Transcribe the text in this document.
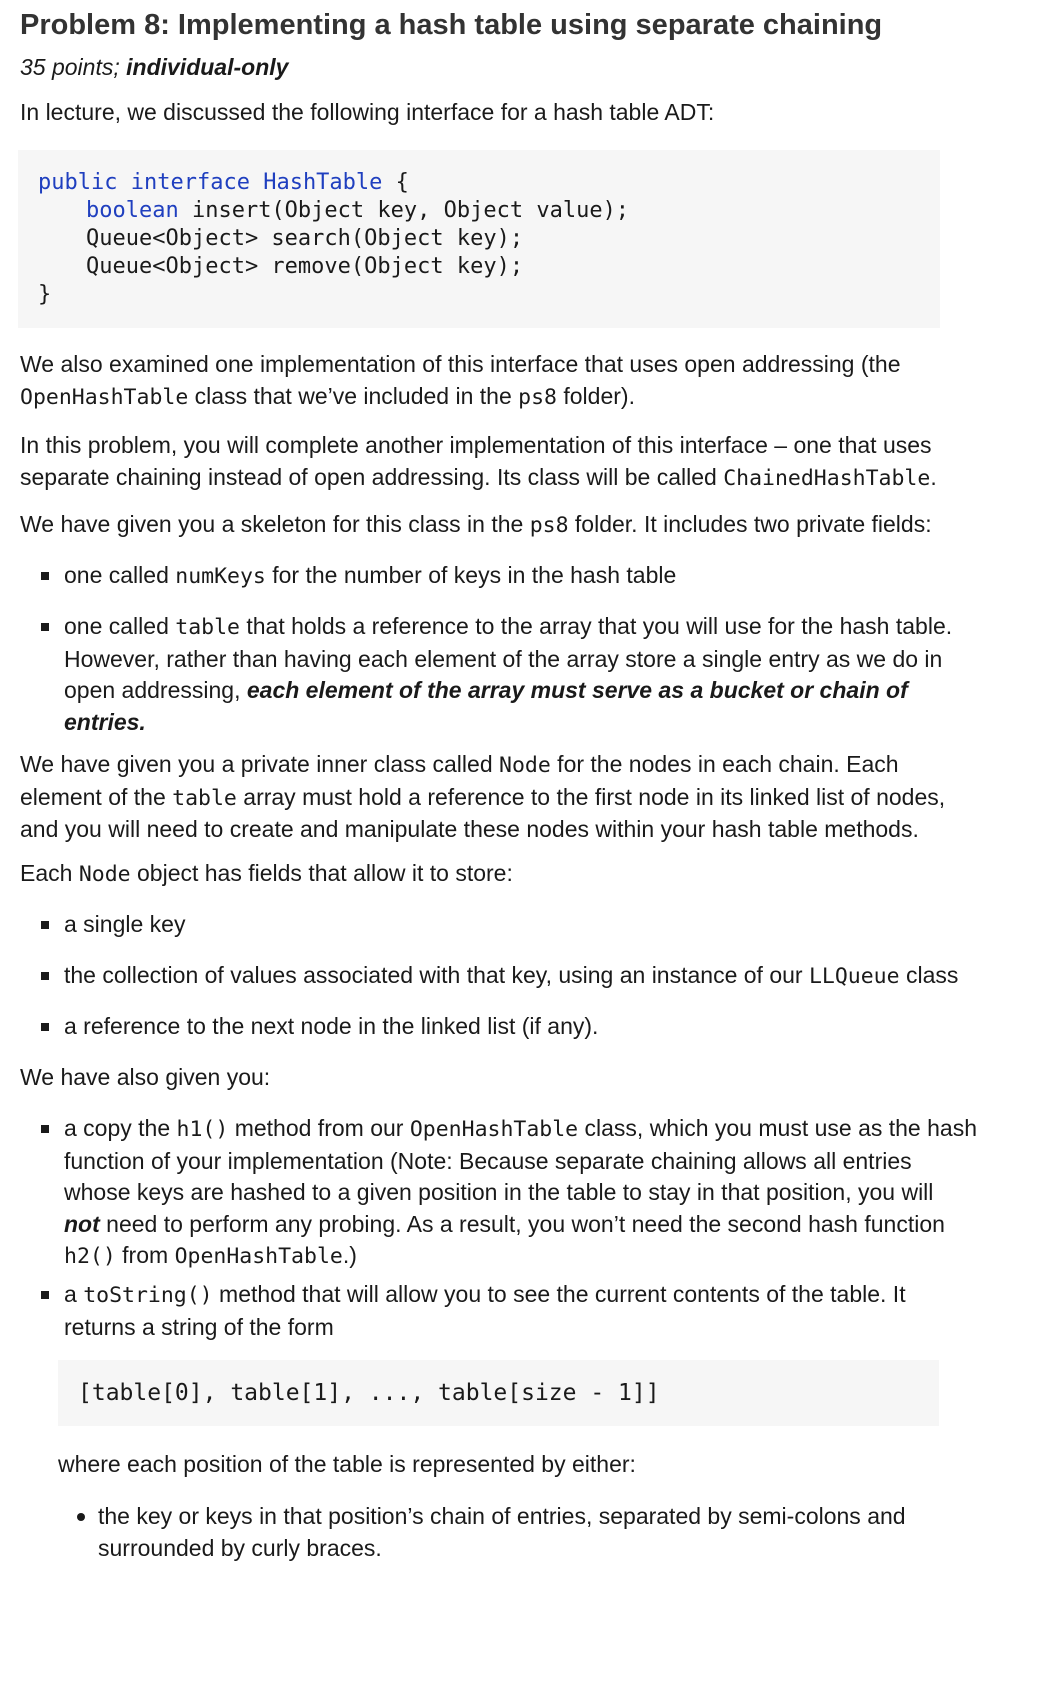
Problem 8: Implementing a hash table using separate chaining
35 points; individual-only

In lecture, we discussed the following interface for a hash table ADT:

public interface HashTable {
boolean insert(Object key, Object value);
Queue<Object> search(Object key);
Queue<Object> remove(Object key);
}

We also examined one implementation of this interface that uses open addressing (the
OpenHashTable class that we’ve included in the ps8 folder).

In this problem, you will complete another implementation of this interface – one that uses
separate chaining instead of open addressing. Its class will be called ChainedHashTable.

We have given you a skeleton for this class in the ps8 folder. It includes two private fields:

one called numKeys for the number of keys in the hash table
one called table that holds a reference to the array that you will use for the hash table.
However, rather than having each element of the array store a single entry as we do in
open addressing, each element of the array must serve as a bucket or chain of
entries.

We have given you a private inner class called Node for the nodes in each chain. Each
element of the table array must hold a reference to the first node in its linked list of nodes,
and you will need to create and manipulate these nodes within your hash table methods.

Each Node object has fields that allow it to store:

a single key
the collection of values associated with that key, using an instance of our LLQueue class
a reference to the next node in the linked list (if any).

We have also given you:

a copy the h1() method from our OpenHashTable class, which you must use as the hash
function of your implementation (Note: Because separate chaining allows all entries
whose keys are hashed to a given position in the table to stay in that position, you will
not need to perform any probing. As a result, you won’t need the second hash function
h2() from OpenHashTable.)
a toString() method that will allow you to see the current contents of the table. It
returns a string of the form
[table[0], table[1], ..., table[size - 1]]

where each position of the table is represented by either:

the key or keys in that position’s chain of entries, separated by semi-colons and
surrounded by curly braces.
